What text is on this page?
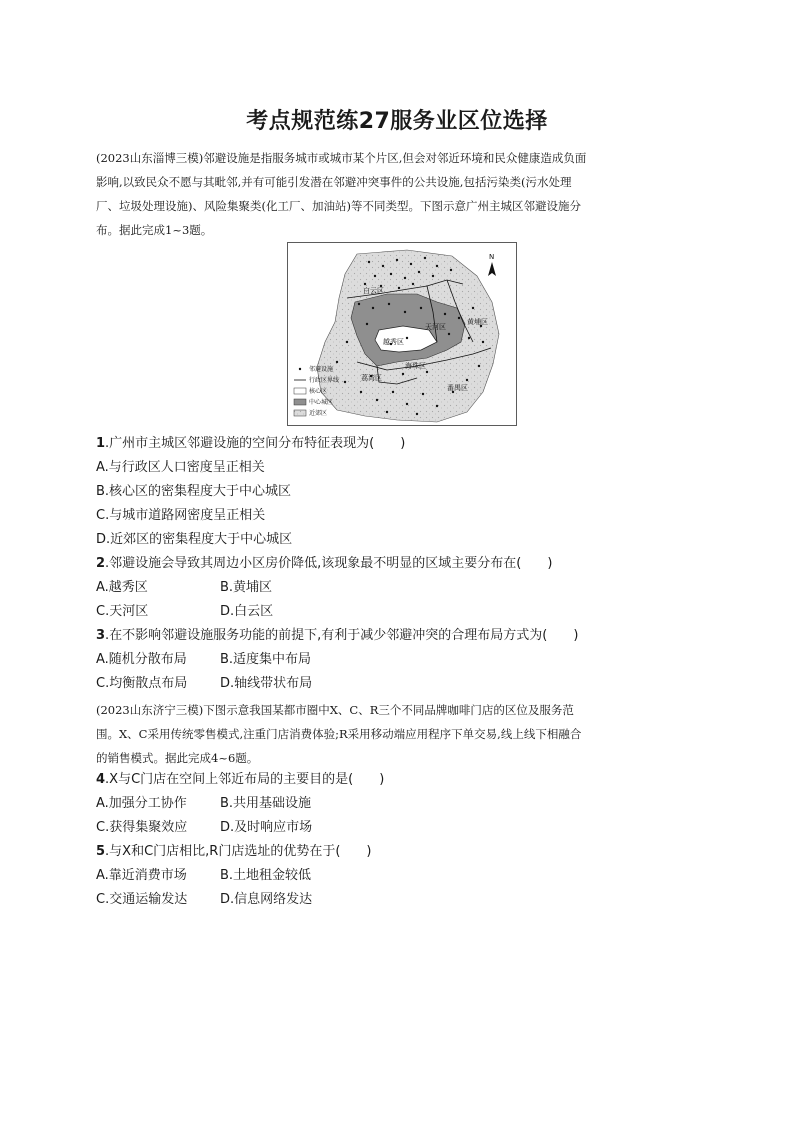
考点规范练27服务业区位选择

(2023山东淄博三模)邻避设施是指服务城市或城市某个片区,但会对邻近环境和民众健康造成负面

影响,以致民众不愿与其毗邻,并有可能引发潜在邻避冲突事件的公共设施,包括污染类(污水处理

厂、垃圾处理设施)、风险集聚类(化工厂、加油站)等不同类型。下图示意广州主城区邻避设施分

布。据此完成1~3题。

N
白云区
天河区
黄埔区
越秀区
海珠区
荔湾区
番禺区
邻避设施
行政区界线
核心区
中心城区
近郊区
1.广州市主城区邻避设施的空间分布特征表现为(　　)
A.与行政区人口密度呈正相关
B.核心区的密集程度大于中心城区
C.与城市道路网密度呈正相关
D.近郊区的密集程度大于中心城区
2.邻避设施会导致其周边小区房价降低,该现象最不明显的区域主要分布在(　　)
A.越秀区	B.黄埔区
C.天河区	D.白云区
3.在不影响邻避设施服务功能的前提下,有利于减少邻避冲突的合理布局方式为(　　)
A.随机分散布局	B.适度集中布局
C.均衡散点布局	D.轴线带状布局

(2023山东济宁三模)下图示意我国某都市圈中X、C、R三个不同品牌咖啡门店的区位及服务范

围。X、C采用传统零售模式,注重门店消费体验;R采用移动端应用程序下单交易,线上线下相融合

的销售模式。据此完成4~6题。

4.X与C门店在空间上邻近布局的主要目的是(　　)
A.加强分工协作	B.共用基础设施
C.获得集聚效应	D.及时响应市场
5.与X和C门店相比,R门店选址的优势在于(　　)
A.靠近消费市场	B.土地租金较低
C.交通运输发达	D.信息网络发达
